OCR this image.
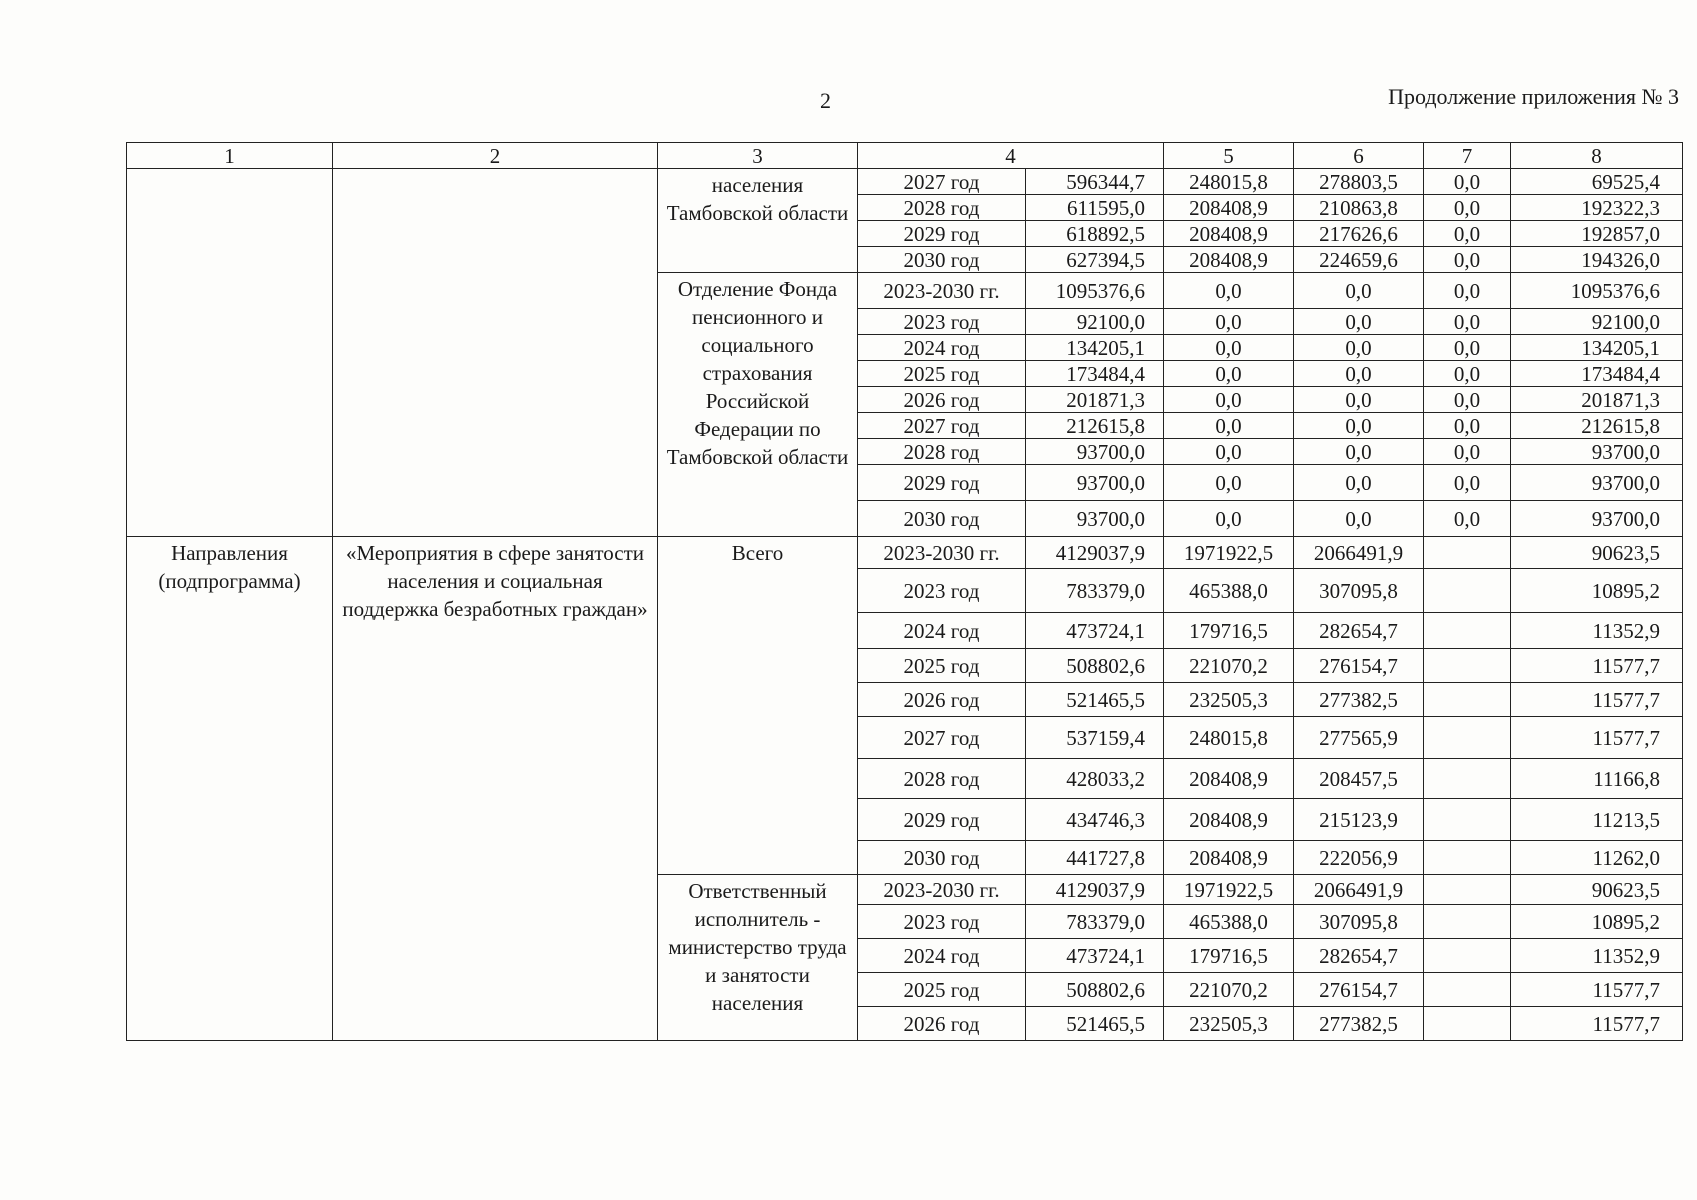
2	Продолжение приложения № 3
1	2	3	4		5	6	7	8
		населения Тамбовской области	2027 год	596344,7	248015,8	278803,5	0,0	69525,4
			2028 год	611595,0	208408,9	210863,8	0,0	192322,3
			2029 год	618892,5	208408,9	217626,6	0,0	192857,0
			2030 год	627394,5	208408,9	224659,6	0,0	194326,0
		Отделение Фонда пенсионного и социального страхования Российской Федерации по Тамбовской области	2023-2030 гг.	1095376,6	0,0	0,0	0,0	1095376,6
			2023 год	92100,0	0,0	0,0	0,0	92100,0
			2024 год	134205,1	0,0	0,0	0,0	134205,1
			2025 год	173484,4	0,0	0,0	0,0	173484,4
			2026 год	201871,3	0,0	0,0	0,0	201871,3
			2027 год	212615,8	0,0	0,0	0,0	212615,8
			2028 год	93700,0	0,0	0,0	0,0	93700,0
			2029 год	93700,0	0,0	0,0	0,0	93700,0
			2030 год	93700,0	0,0	0,0	0,0	93700,0
Направления (подпрограмма)	«Мероприятия в сфере занятости населения и социальная поддержка безработных граждан»	Всего	2023-2030 гг.	4129037,9	1971922,5	2066491,9		90623,5
			2023 год	783379,0	465388,0	307095,8		10895,2
			2024 год	473724,1	179716,5	282654,7		11352,9
			2025 год	508802,6	221070,2	276154,7		11577,7
			2026 год	521465,5	232505,3	277382,5		11577,7
			2027 год	537159,4	248015,8	277565,9		11577,7
			2028 год	428033,2	208408,9	208457,5		11166,8
			2029 год	434746,3	208408,9	215123,9		11213,5
			2030 год	441727,8	208408,9	222056,9		11262,0
		Ответственный исполнитель - министерство труда и занятости населения	2023-2030 гг.	4129037,9	1971922,5	2066491,9		90623,5
			2023 год	783379,0	465388,0	307095,8		10895,2
			2024 год	473724,1	179716,5	282654,7		11352,9
			2025 год	508802,6	221070,2	276154,7		11577,7
			2026 год	521465,5	232505,3	277382,5		11577,7
